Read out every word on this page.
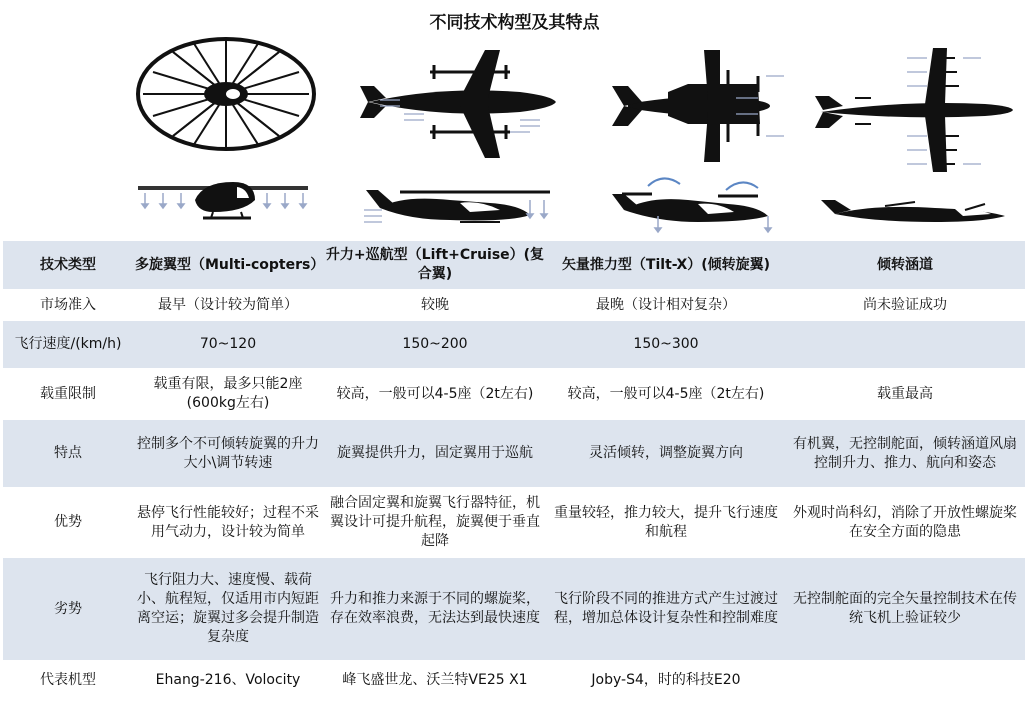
不同技术构型及其特点
技术类型	多旋翼型（Multi-copters）	升力+巡航型（Lift+Cruise）(复合翼)	矢量推力型（Tilt-X）(倾转旋翼)	倾转涵道
市场准入	最早（设计较为简单）	较晚	最晚（设计相对复杂）	尚未验证成功
飞行速度/(km/h)	70~120	150~200	150~300	
载重限制	载重有限，最多只能2座(600kg左右)	较高，一般可以4-5座（2t左右)	较高，一般可以4-5座（2t左右)	载重最高
特点	控制多个不可倾转旋翼的升力大小\调节转速	旋翼提供升力，固定翼用于巡航	灵活倾转，调整旋翼方向	有机翼，无控制舵面，倾转涵道风扇控制升力、推力、航向和姿态
优势	悬停飞行性能较好；过程不采用气动力，设计较为简单	融合固定翼和旋翼飞行器特征，机翼设计可提升航程，旋翼便于垂直起降	重量较轻，推力较大，提升飞行速度和航程	外观时尚科幻，消除了开放性螺旋桨在安全方面的隐患
劣势	飞行阻力大、速度慢、载荷小、航程短，仅适用市内短距离空运；旋翼过多会提升制造复杂度	升力和推力来源于不同的螺旋桨，存在效率浪费，无法达到最快速度	飞行阶段不同的推进方式产生过渡过程，增加总体设计复杂性和控制难度	无控制舵面的完全矢量控制技术在传统飞机上验证较少
代表机型	Ehang-216、Volocity	峰飞盛世龙、沃兰特VE25 X1	Joby-S4，时的科技E20	
